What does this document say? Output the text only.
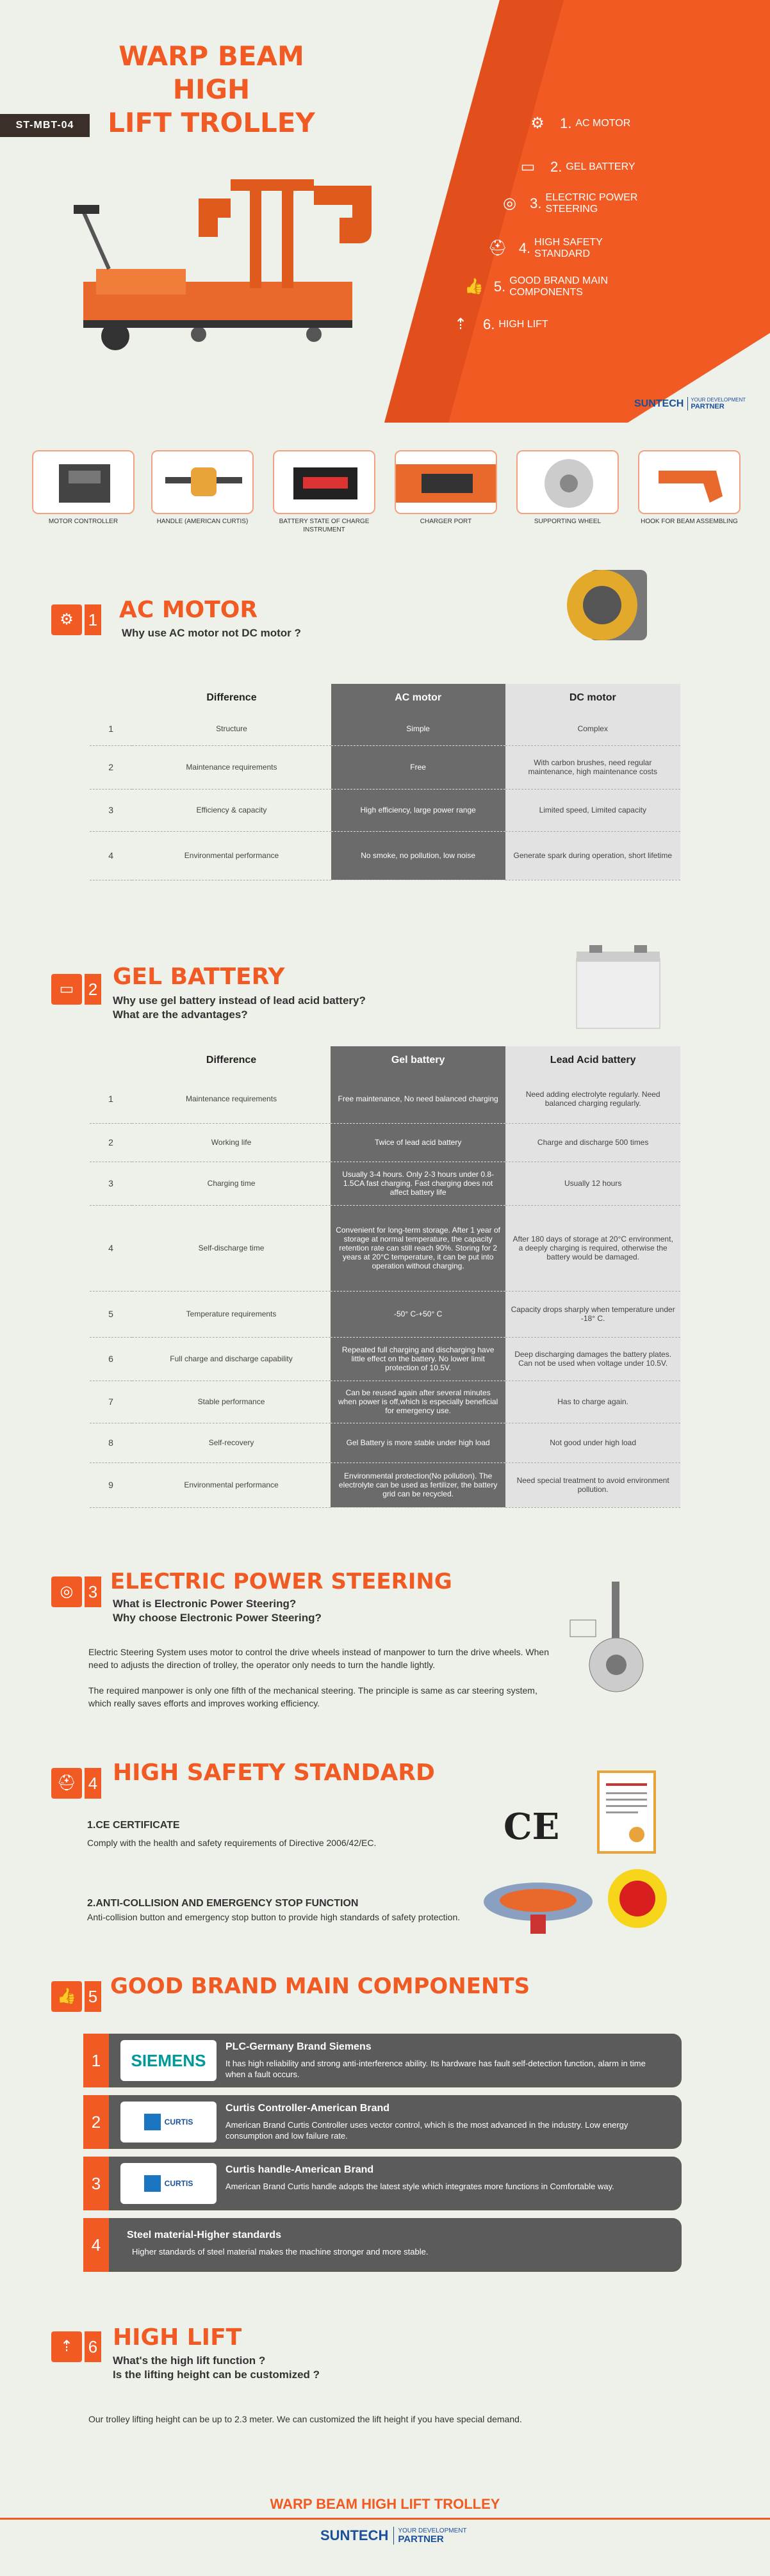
WARP BEAM HIGH
LIFT TROLLEY
ST-MBT-04	⚙	1. AC MOTOR
▭	2. GEL BATTERY
◎ 3. ELECTRIC POWER STEERING
⛑ 4. HIGH SAFETY STANDARD
👍 5. GOOD BRAND MAIN COMPONENTS
⇡	6. HIGH LIFT
SUNTECH	YOUR DEVELOPMENT
PARTNER
MOTOR CONTROLLER	HANDLE (AMERICAN CURTIS)	BATTERY STATE OF CHARGE INSTRUMENT
CHARGER PORT	SUPPORTING WHEEL	HOOK FOR BEAM ASSEMBLING
⚙ 1 AC MOTOR
Why use AC motor not DC motor ?
	Difference	AC motor	DC motor
1	Structure	Simple	Complex
2	Maintenance requirements	Free	With carbon brushes, need regular maintenance, high maintenance costs
3	Efficiency & capacity	High efficiency, large power range	Limited speed, Limited capacity
4	Environmental performance	No smoke, no pollution, low noise	Generate spark during operation, short lifetime
▭ 2 GEL BATTERY
Why use gel battery instead of lead acid battery?
What are the advantages?
	Difference	Gel battery	Lead Acid battery
1	Maintenance requirements	Free maintenance, No need balanced charging	Need adding electrolyte regularly. Need balanced charging regularly.
2	Working life	Twice of lead acid battery	Charge and discharge 500 times
3	Charging time	Usually 3-4 hours. Only 2-3 hours under 0.8-1.5CA fast charging. Fast charging does not affect battery life	Usually 12 hours
4	Self-discharge time	Convenient for long-term storage. After 1 year of storage at normal temperature, the capacity retention rate can still reach 90%. Storing for 2 years at 20°C temperature, it can be put into operation without charging.	After 180 days of storage at 20°C environment, a deeply charging is required, otherwise the battery would be damaged.
5	Temperature requirements	-50° C-+50° C	Capacity drops sharply when temperature under -18° C.
6	Full charge and discharge capability	Repeated full charging and discharging have little effect on the battery. No lower limit protection of 10.5V.	Deep discharging damages the battery plates. Can not be used when voltage under 10.5V.
7	Stable performance	Can be reused again after several minutes when power is off,which is especially beneficial for emergency use.	Has to charge again.
8	Self-recovery	Gel Battery is more stable under high load	Not good under high load
9	Environmental performance	Environmental protection(No pollution). The electrolyte can be used as fertilizer, the battery grid can be recycled.	Need special treatment to avoid environment pollution.
◎ 3 ELECTRIC POWER STEERING
What is Electronic Power Steering?
Why choose Electronic Power Steering?
Electric Steering System uses motor to control the drive wheels instead of manpower to turn the drive wheels. When need to adjusts the direction of trolley, the operator only needs to turn the handle lightly.
The required manpower is only one fifth of the mechanical steering. The principle is same as car steering system, which really saves efforts and improves working efficiency.
⛑ 4 HIGH SAFETY STANDARD
1.CE CERTIFICATE
Comply with the health and safety requirements of Directive 2006/42/EC.	CE
2.ANTI-COLLISION AND EMERGENCY STOP FUNCTION
Anti-collision button and emergency stop button to provide high standards of safety protection.
👍 5 GOOD BRAND MAIN COMPONENTS
1	SIEMENS
PLC-Germany Brand Siemens
It has high reliability and strong anti-interference ability. Its hardware has fault self-detection function, alarm in time when a fault occurs.
2	CURTIS
Curtis Controller-American Brand
American Brand Curtis Controller uses vector control, which is the most advanced in the industry. Low energy consumption and low failure rate.
3	CURTIS
Curtis handle-American Brand
American Brand Curtis handle adopts the latest style which integrates more functions in Comfortable way.
4
Steel material-Higher standards
Higher standards of steel material makes the machine stronger and more stable.
⇡ 6 HIGH LIFT
What's the high lift function ?
Is the lifting height can be customized ?
Our trolley lifting height can be up to 2.3 meter. We can customized the lift height if you have special demand.
WARP BEAM HIGH LIFT TROLLEY
SUNTECH	YOUR DEVELOPMENT
PARTNER
